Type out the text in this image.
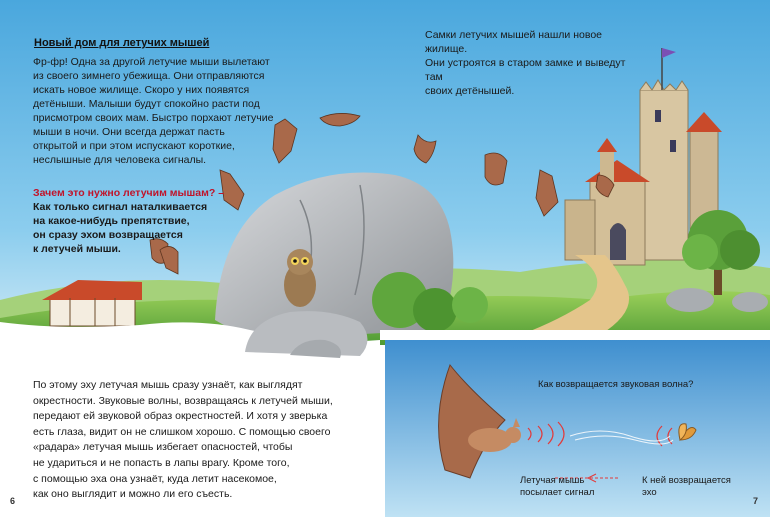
Новый дом для летучих мышей
Фр-фр! Одна за другой летучие мыши вылетают
из своего зимнего убежища. Они отправляются
искать новое жилище. Скоро у них появятся
детёныши. Малыши будут спокойно расти под
присмотром своих мам. Быстро порхают летучие
мыши в ночи. Они всегда держат пасть
открытой и при этом испускают короткие,
неслышные для человека сигналы.
Зачем это нужно летучим мышам? –
Как только сигнал наталкивается
на какое-нибудь препятствие,
он сразу эхом возвращается
к летучей мыши.
Самки летучих мышей нашли новое жилище.
Они устроятся в старом замке и выведут там
своих детёнышей.
По этому эху летучая мышь сразу узнаёт, как выглядят
окрестности. Звуковые волны, возвращаясь к летучей мыши,
передают ей звуковой образ окрестностей. И хотя у зверька
есть глаза, видит он не слишком хорошо. С помощью своего
«радара» летучая мышь избегает опасностей, чтобы
не удариться и не попасть в лапы врагу. Кроме того,
с помощью эха она узнаёт, куда летит насекомое,
как оно выглядит и можно ли его съесть.
Как возвращается звуковая волна?
Летучая мышь
посылает сигнал
К ней возвращается
эхо
6	7
